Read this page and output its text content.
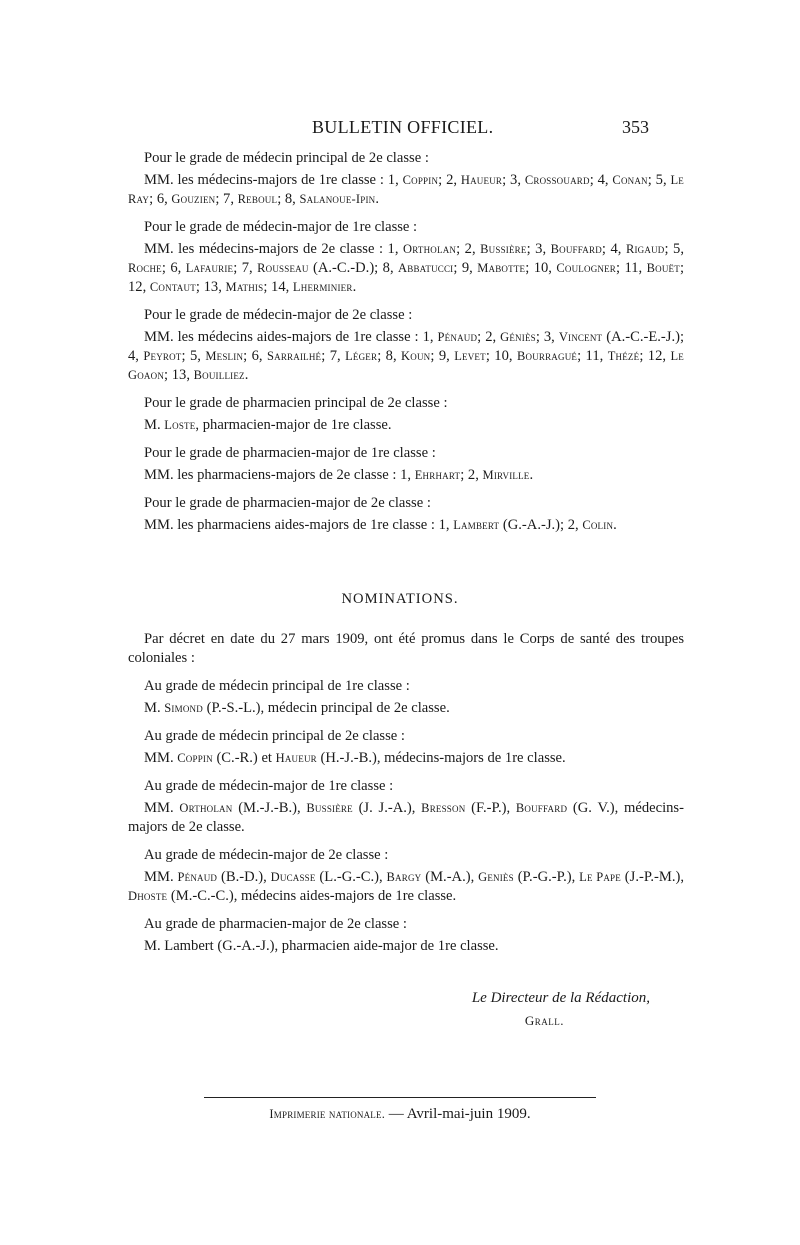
BULLETIN OFFICIEL.	353

Pour le grade de médecin principal de 2e classe :

MM. les médecins-majors de 1re classe : 1, Coppin; 2, Haueur; 3, Crossouard; 4, Conan; 5, Le Ray; 6, Gouzien; 7, Reboul; 8, Salanoue-Ipin.

Pour le grade de médecin-major de 1re classe :

MM. les médecins-majors de 2e classe : 1, Ortholan; 2, Bussière; 3, Bouffard; 4, Rigaud; 5, Roche; 6, Lafaurie; 7, Rousseau (A.-C.-D.); 8, Abbatucci; 9, Mabotte; 10, Coulogner; 11, Bouët; 12, Contaut; 13, Mathis; 14, Lherminier.

Pour le grade de médecin-major de 2e classe :

MM. les médecins aides-majors de 1re classe : 1, Pénaud; 2, Géniès; 3, Vincent (A.-C.-E.-J.); 4, Peyrot; 5, Meslin; 6, Sarrailhé; 7, Léger; 8, Koun; 9, Levet; 10, Bourragué; 11, Thézé; 12, Le Goaon; 13, Bouilliez.

Pour le grade de pharmacien principal de 2e classe :

M. Loste, pharmacien-major de 1re classe.

Pour le grade de pharmacien-major de 1re classe :

MM. les pharmaciens-majors de 2e classe : 1, Ehrhart; 2, Mirville.

Pour le grade de pharmacien-major de 2e classe :

MM. les pharmaciens aides-majors de 1re classe : 1, Lambert (G.-A.-J.); 2, Colin.

NOMINATIONS.

Par décret en date du 27 mars 1909, ont été promus dans le Corps de santé des troupes coloniales :

Au grade de médecin principal de 1re classe :

M. Simond (P.-S.-L.), médecin principal de 2e classe.

Au grade de médecin principal de 2e classe :

MM. Coppin (C.-R.) et Haueur (H.-J.-B.), médecins-majors de 1re classe.

Au grade de médecin-major de 1re classe :

MM. Ortholan (M.-J.-B.), Bussière (J. J.-A.), Bresson (F.-P.), Bouffard (G. V.), médecins-majors de 2e classe.

Au grade de médecin-major de 2e classe :

MM. Pénaud (B.-D.), Ducasse (L.-G.-C.), Bargy (M.-A.), Geniès (P.-G.-P.), Le Pape (J.-P.-M.), Dhoste (M.-C.-C.), médecins aides-majors de 1re classe.

Au grade de pharmacien-major de 2e classe :

M. Lambert (G.-A.-J.), pharmacien aide-major de 1re classe.

Le Directeur de la Rédaction,
Grall.
Imprimerie nationale. — Avril-mai-juin 1909.
